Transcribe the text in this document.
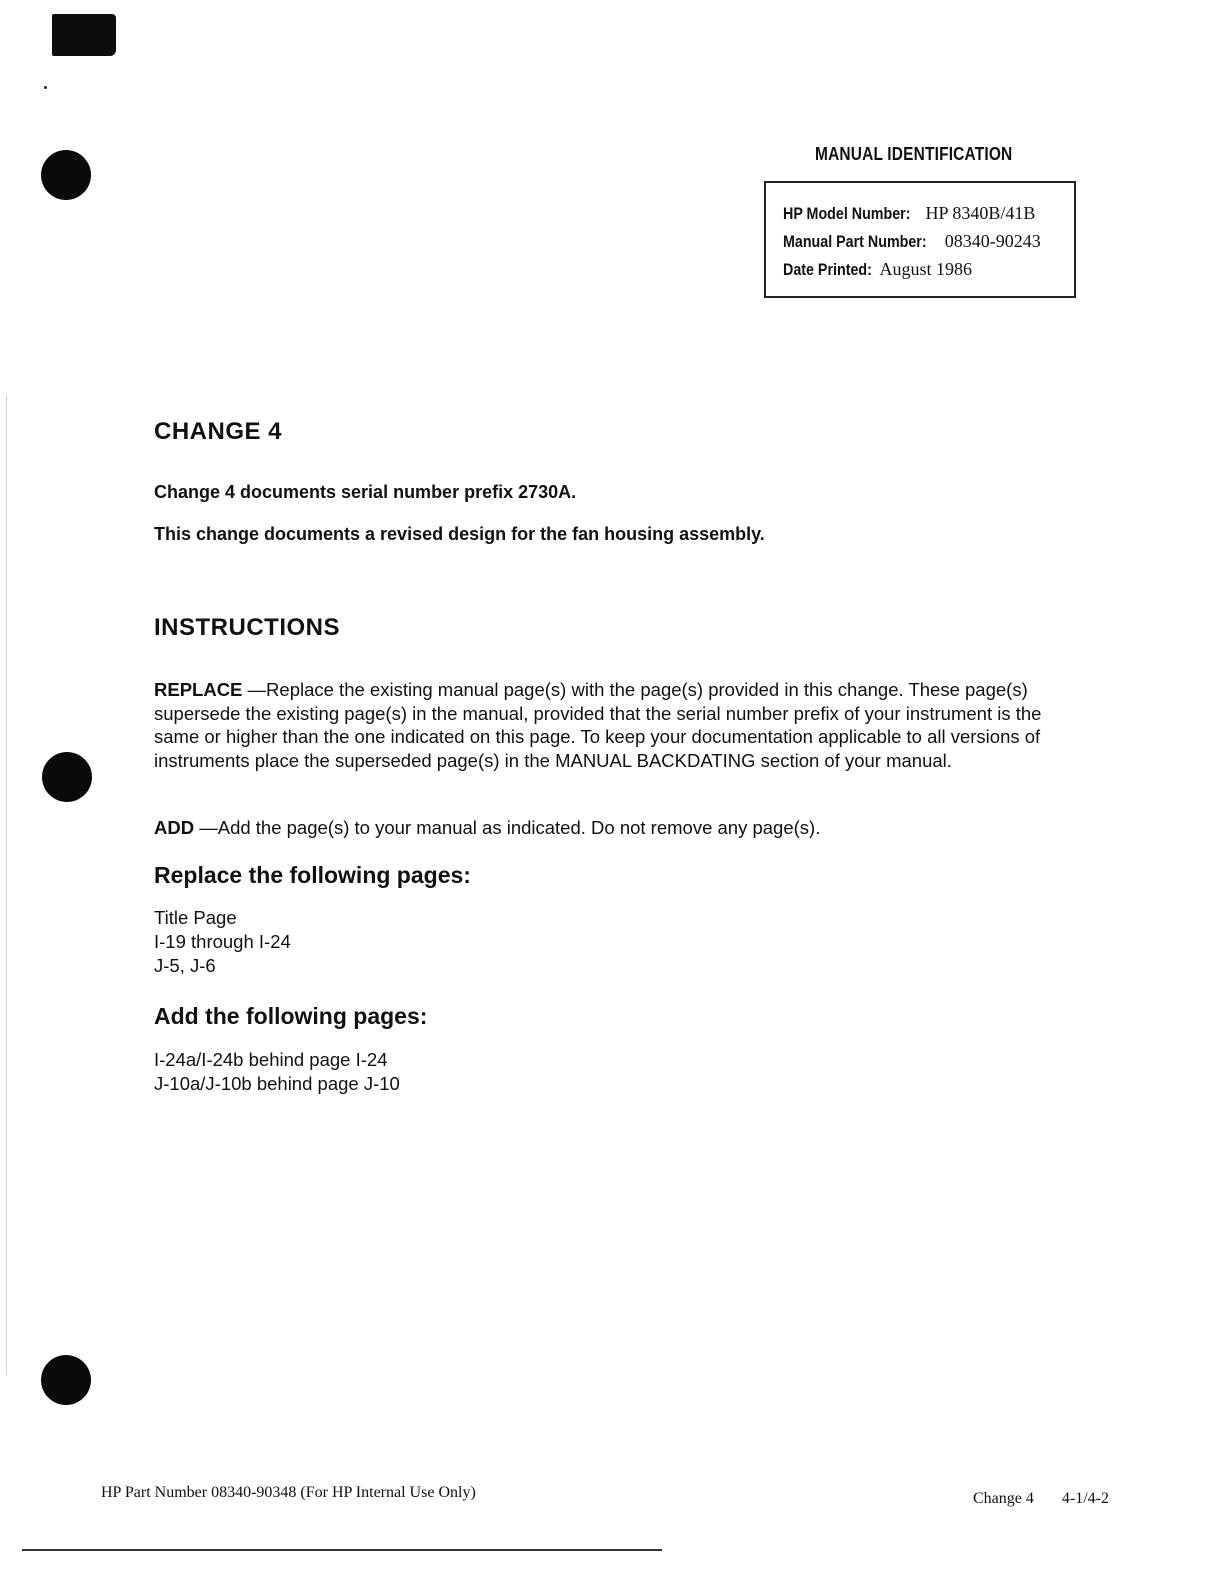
MANUAL IDENTIFICATION
HP Model Number: HP 8340B/41B
Manual Part Number: 08340-90243
Date Printed: August 1986
CHANGE 4
Change 4 documents serial number prefix 2730A.
This change documents a revised design for the fan housing assembly.
INSTRUCTIONS
REPLACE —Replace the existing manual page(s) with the page(s) provided in this change. These page(s) supersede the existing page(s) in the manual, provided that the serial number prefix of your instrument is the same or higher than the one indicated on this page. To keep your documentation applicable to all versions of instruments place the superseded page(s) in the MANUAL BACKDATING section of your manual.
ADD —Add the page(s) to your manual as indicated. Do not remove any page(s).
Replace the following pages:
Title Page
I-19 through I-24
J-5, J-6
Add the following pages:
I-24a/I-24b behind page I-24
J-10a/J-10b behind page J-10
HP Part Number 08340-90348 (For HP Internal Use Only)	Change 4 4-1/4-2
